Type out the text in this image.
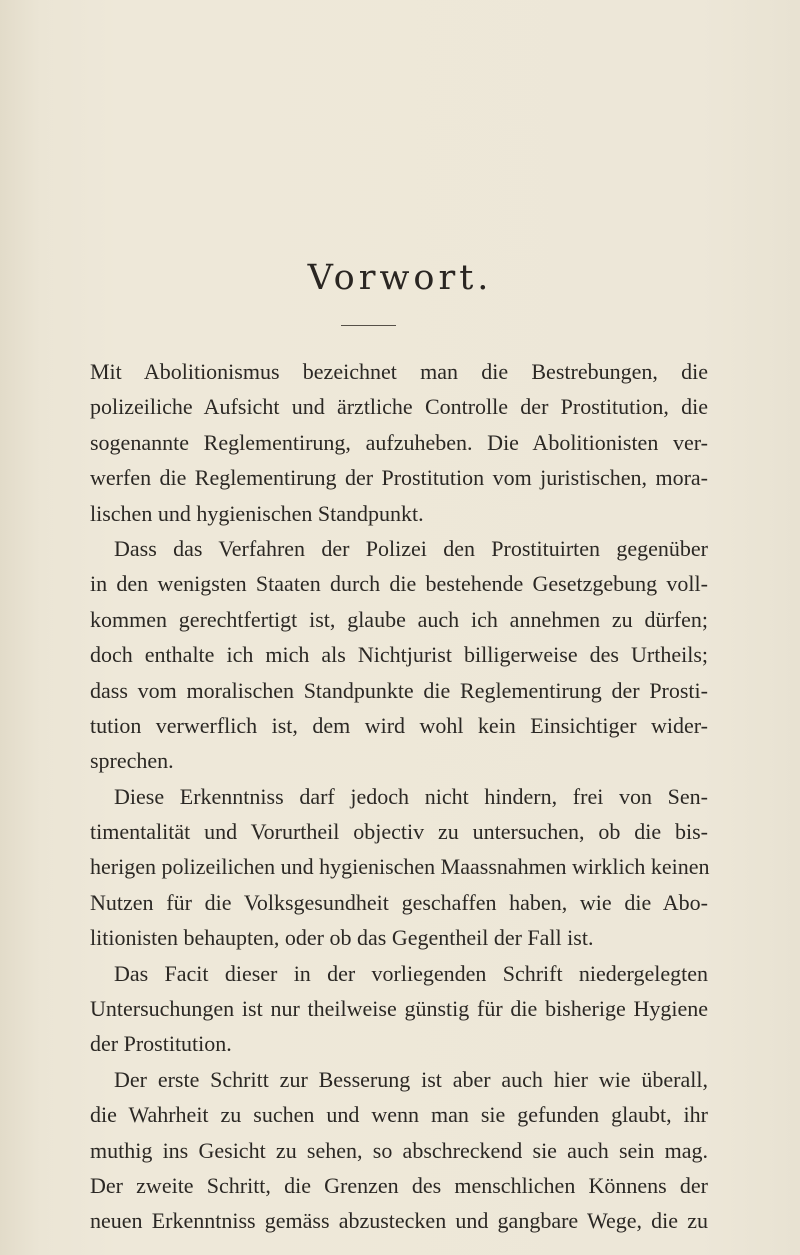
Vorwort.
Mit Abolitionismus bezeichnet man die Bestrebungen, die
polizeiliche Aufsicht und ärztliche Controlle der Prostitution, die
sogenannte Reglementirung, aufzuheben. Die Abolitionisten ver-
werfen die Reglementirung der Prostitution vom juristischen, mora-
lischen und hygienischen Standpunkt.
Dass das Verfahren der Polizei den Prostituirten gegenüber
in den wenigsten Staaten durch die bestehende Gesetzgebung voll-
kommen gerechtfertigt ist, glaube auch ich annehmen zu dürfen;
doch enthalte ich mich als Nichtjurist billigerweise des Urtheils;
dass vom moralischen Standpunkte die Reglementirung der Prosti-
tution verwerflich ist, dem wird wohl kein Einsichtiger wider-
sprechen.
Diese Erkenntniss darf jedoch nicht hindern, frei von Sen-
timentalität und Vorurtheil objectiv zu untersuchen, ob die bis-
herigen polizeilichen und hygienischen Maassnahmen wirklich keinen
Nutzen für die Volksgesundheit geschaffen haben, wie die Abo-
litionisten behaupten, oder ob das Gegentheil der Fall ist.
Das Facit dieser in der vorliegenden Schrift niedergelegten
Untersuchungen ist nur theilweise günstig für die bisherige Hygiene
der Prostitution.
Der erste Schritt zur Besserung ist aber auch hier wie überall,
die Wahrheit zu suchen und wenn man sie gefunden glaubt, ihr
muthig ins Gesicht zu sehen, so abschreckend sie auch sein mag.
Der zweite Schritt, die Grenzen des menschlichen Könnens der
neuen Erkenntniss gemäss abzustecken und gangbare Wege, die zu
